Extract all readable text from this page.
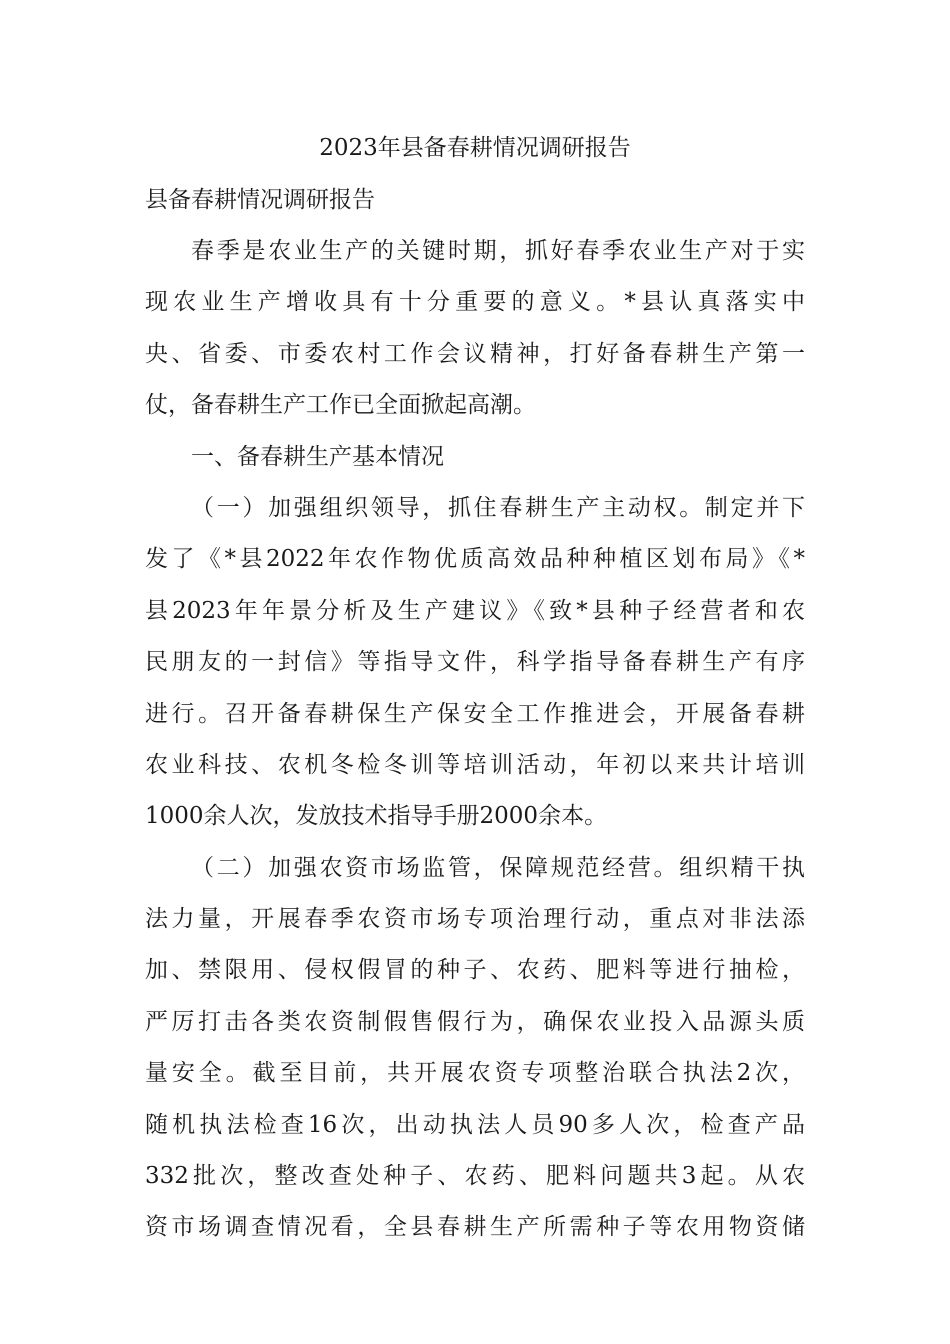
2023年县备春耕情况调研报告

县备春耕情况调研报告

春季是农业生产的关键时期，抓好春季农业生产对于实
现农业生产增收具有十分重要的意义。*县认真落实中
央、省委、市委农村工作会议精神，打好备春耕生产第一
仗，备春耕生产工作已全面掀起高潮。
一、备春耕生产基本情况
（一）加强组织领导，抓住春耕生产主动权。制定并下
发了《*县2022年农作物优质高效品种种植区划布局》《*
县2023年年景分析及生产建议》《致*县种子经营者和农
民朋友的一封信》等指导文件，科学指导备春耕生产有序
进行。召开备春耕保生产保安全工作推进会，开展备春耕
农业科技、农机冬检冬训等培训活动，年初以来共计培训
1000余人次，发放技术指导手册2000余本。
（二）加强农资市场监管，保障规范经营。组织精干执
法力量，开展春季农资市场专项治理行动，重点对非法添
加、禁限用、侵权假冒的种子、农药、肥料等进行抽检，
严厉打击各类农资制假售假行为，确保农业投入品源头质
量安全。截至目前，共开展农资专项整治联合执法2次，
随机执法检查16次，出动执法人员90多人次，检查产品
332批次，整改查处种子、农药、肥料问题共3起。从农
资市场调查情况看，全县春耕生产所需种子等农用物资储
